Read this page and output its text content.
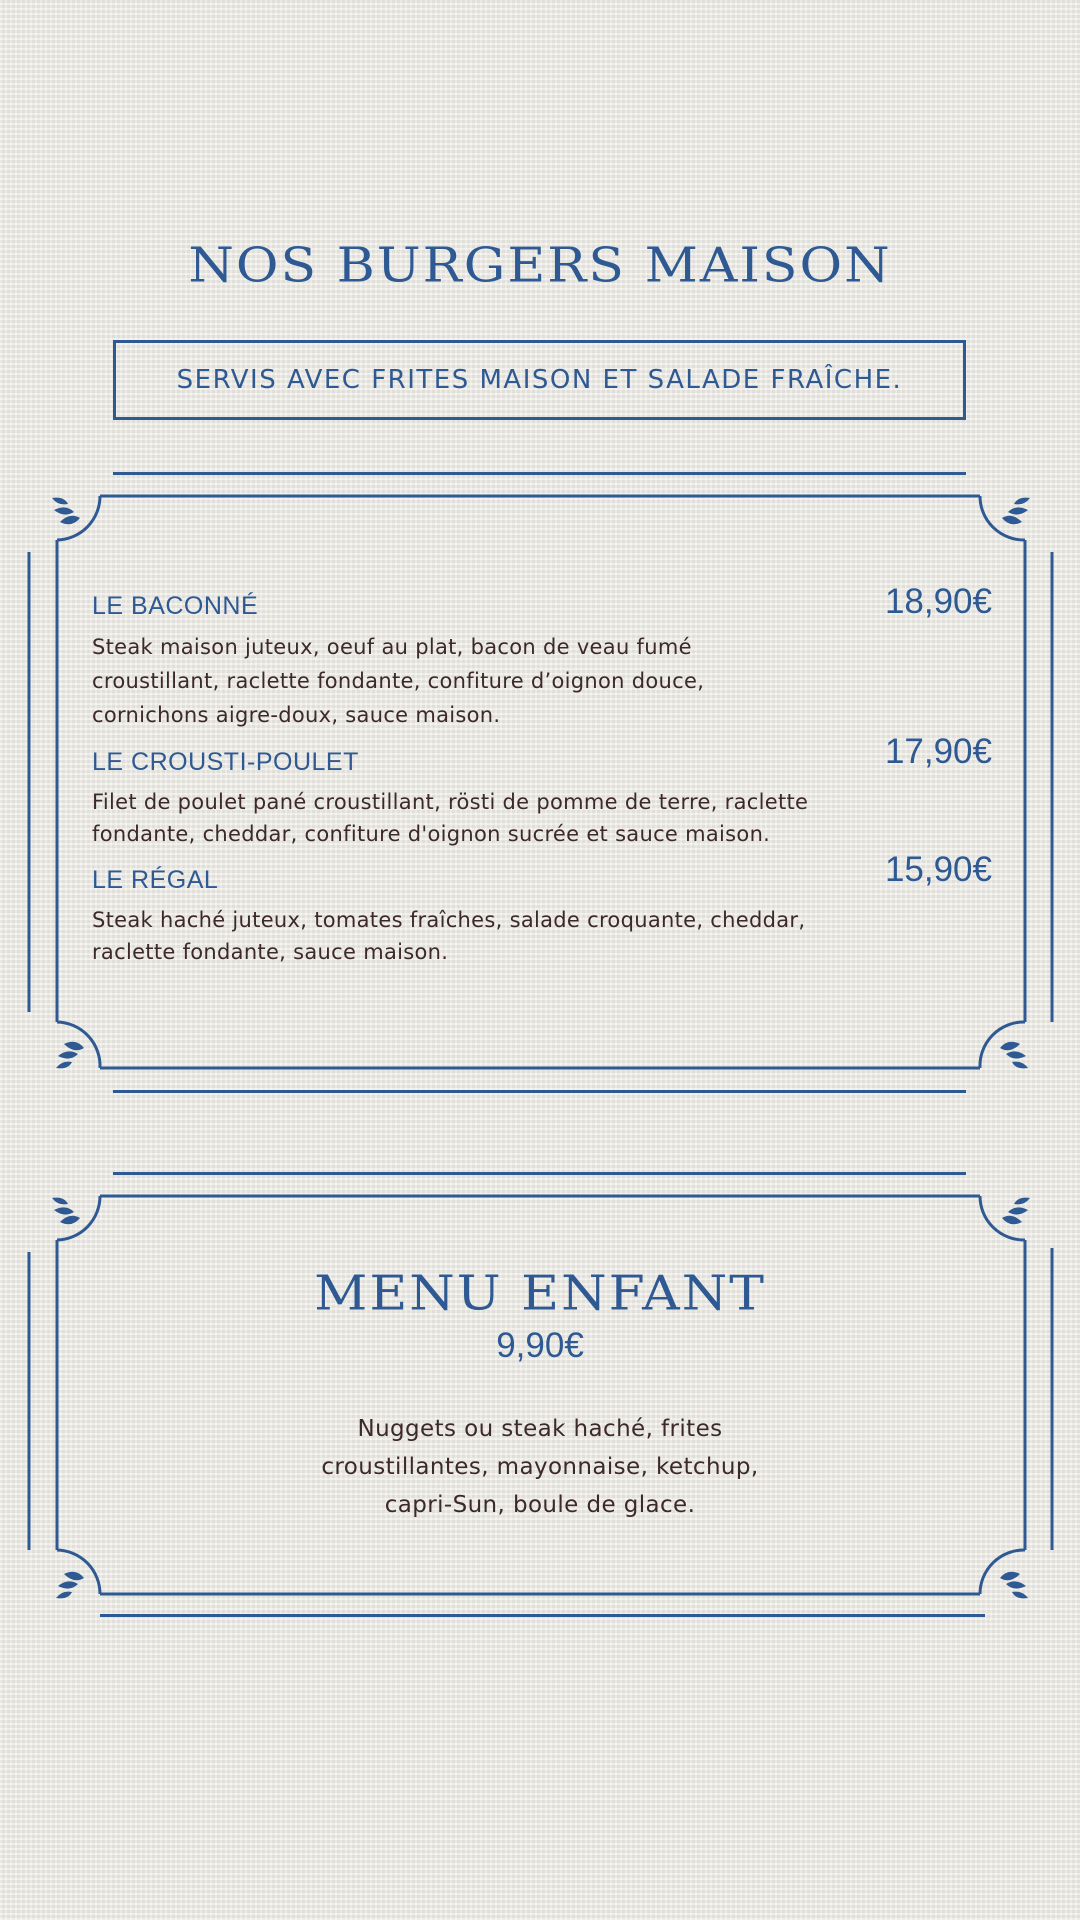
NOS BURGERS MAISON
SERVIS AVEC FRITES MAISON ET SALADE FRAÎCHE.
LE BACONNÉ	18,90€
Steak maison juteux, oeuf au plat, bacon de veau fumé croustillant, raclette fondante, confiture d’oignon douce, cornichons aigre-doux, sauce maison.
LE CROUSTI-POULET	17,90€
Filet de poulet pané croustillant, rösti de pomme de terre, raclette fondante, cheddar, confiture d'oignon sucrée et sauce maison.
LE RÉGAL	15,90€
Steak haché juteux, tomates fraîches, salade croquante, cheddar, raclette fondante, sauce maison.
MENU ENFANT
9,90€
Nuggets ou steak haché, frites croustillantes, mayonnaise, ketchup, capri-Sun, boule de glace.
